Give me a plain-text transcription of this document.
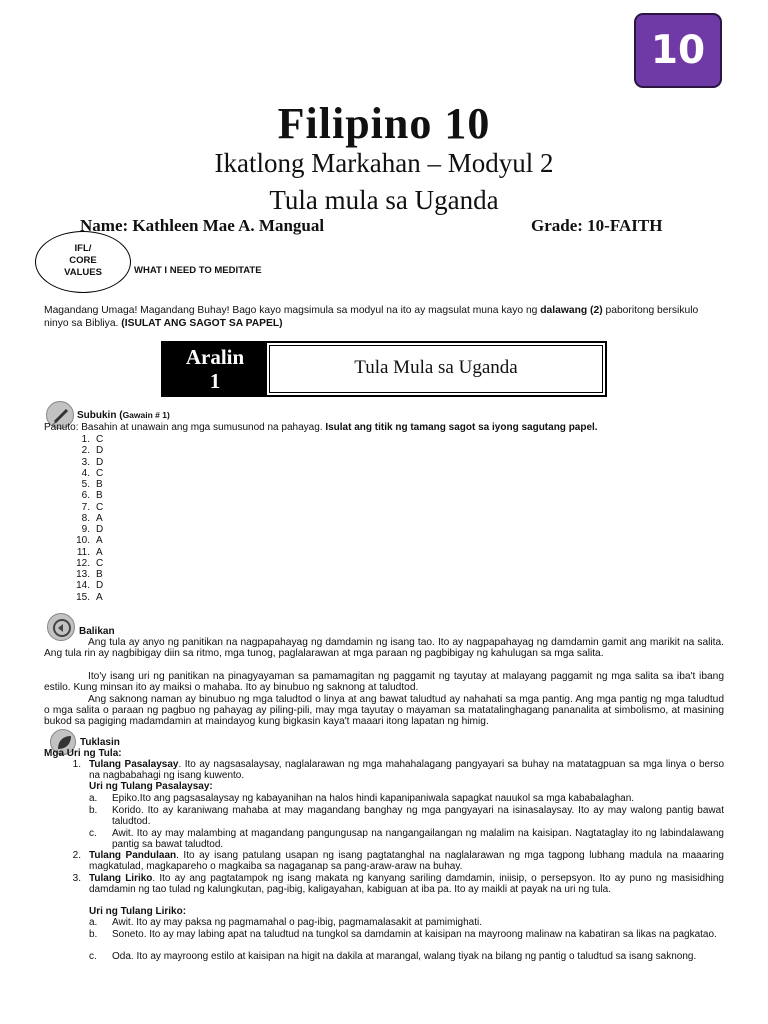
10
Filipino 10
Ikatlong Markahan – Modyul 2
Tula mula sa Uganda
Name: Kathleen Mae A. Mangual	Grade: 10-FAITH
IFL/
CORE
VALUES	WHAT I NEED TO MEDITATE
Magandang Umaga! Magandang Buhay! Bago kayo magsimula sa modyul na ito ay magsulat muna kayo ng dalawang (2) paboritong bersikulo ninyo sa Bibliya. (ISULAT ANG SAGOT SA PAPEL)
Aralin
1
Tula Mula sa Uganda
Subukin (Gawain # 1)
Panuto: Basahin at unawain ang mga sumusunod na pahayag. Isulat ang titik ng tamang sagot sa iyong sagutang papel.
1. C
2. D
3. D
4. C
5. B
6. B
7. C
8. A
9. D
10. A
11. A
12. C
13. B
14. D
15. A
Balikan
Ang tula ay anyo ng panitikan na nagpapahayag ng damdamin ng isang tao. Ito ay nagpapahayag ng damdamin gamit ang marikit na salita. Ang tula rin ay nagbibigay diin sa ritmo, mga tunog, paglalarawan at mga paraan ng pagbibigay ng kahulugan sa mga salita.
Ito'y isang uri ng panitikan na pinagyayaman sa pamamagitan ng paggamit ng tayutay at malayang paggamit ng mga salita sa iba't ibang estilo. Kung minsan ito ay maiksi o mahaba. Ito ay binubuo ng saknong at taludtod.
Ang saknong naman ay binubuo ng mga taludtod o linya at ang bawat taludtud ay nahahati sa mga pantig. Ang mga pantig ng mga taludtud o mga salita o paraan ng pagbuo ng pahayag ay piling-pili, may mga tayutay o mayaman sa matatalinghagang pananalita at simbolismo, at masining bukod sa pagiging madamdamin at maindayog kung bigkasin kaya't maaari itong lapatan ng himig.
Tuklasin
Mga Uri ng Tula:
1. Tulang Pasalaysay. Ito ay nagsasalaysay, naglalarawan ng mga mahahalagang pangyayari sa buhay na matatagpuan sa mga linya o berso na nagbabahagi ng isang kuwento.
Uri ng Tulang Pasalaysay:
a. Epiko.Ito ang pagsasalaysay ng kabayanihan na halos hindi kapanipaniwala sapagkat nauukol sa mga kababalaghan.
b. Korido. Ito ay karaniwang mahaba at may magandang banghay ng mga pangyayari na isinasalaysay. Ito ay may walong pantig bawat taludtod.
c. Awit. Ito ay may malambing at magandang pangungusap na nangangailangan ng malalim na kaisipan. Nagtataglay ito ng labindalawang pantig sa bawat taludtod.
2. Tulang Pandulaan. Ito ay isang patulang usapan ng isang pagtatanghal na naglalarawan ng mga tagpong lubhang madula na maaaring magkatulad, magkapareho o magkaiba sa nagaganap sa pang-araw-araw na buhay.
3. Tulang Liriko. Ito ay ang pagtatampok ng isang makata ng kanyang sariling damdamin, iniisip, o persepsyon. Ito ay puno ng masisidhing damdamin ng tao tulad ng kalungkutan, pag-ibig, kaligayahan, kabiguan at iba pa. Ito ay maikli at payak na uri ng tula.
Uri ng Tulang Liriko:
a. Awit. Ito ay may paksa ng pagmamahal o pag-ibig, pagmamalasakit at pamimighati.
b. Soneto. Ito ay may labing apat na taludtud na tungkol sa damdamin at kaisipan na mayroong malinaw na kabatiran sa likas na pagkatao.
c. Oda. Ito ay mayroong estilo at kaisipan na higit na dakila at marangal, walang tiyak na bilang ng pantig o taludtud sa isang saknong.
